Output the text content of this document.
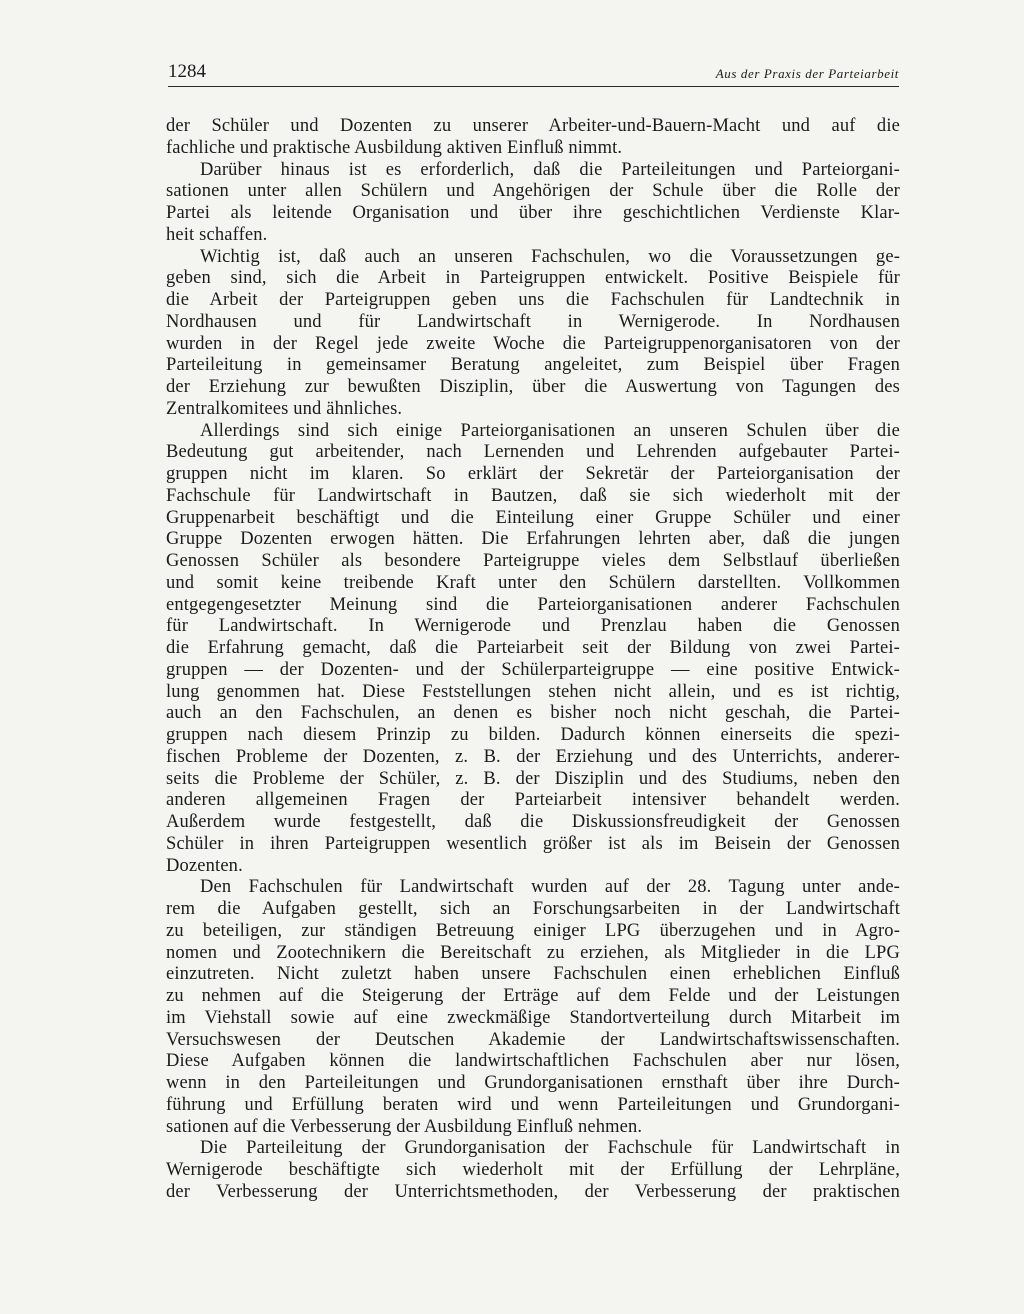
1284	Aus der Praxis der Parteiarbeit
der Schüler und Dozenten zu unserer Arbeiter-und-Bauern-Macht und auf die
fachliche und praktische Ausbildung aktiven Einfluß nimmt.
Darüber hinaus ist es erforderlich, daß die Parteileitungen und Parteiorgani-
sationen unter allen Schülern und Angehörigen der Schule über die Rolle der
Partei als leitende Organisation und über ihre geschichtlichen Verdienste Klar-
heit schaffen.
Wichtig ist, daß auch an unseren Fachschulen, wo die Voraussetzungen ge-
geben sind, sich die Arbeit in Parteigruppen entwickelt. Positive Beispiele für
die Arbeit der Parteigruppen geben uns die Fachschulen für Landtechnik in
Nordhausen und für Landwirtschaft in Wernigerode. In Nordhausen
wurden in der Regel jede zweite Woche die Parteigruppenorganisatoren von der
Parteileitung in gemeinsamer Beratung angeleitet, zum Beispiel über Fragen
der Erziehung zur bewußten Disziplin, über die Auswertung von Tagungen des
Zentralkomitees und ähnliches.
Allerdings sind sich einige Parteiorganisationen an unseren Schulen über die
Bedeutung gut arbeitender, nach Lernenden und Lehrenden aufgebauter Partei-
gruppen nicht im klaren. So erklärt der Sekretär der Parteiorganisation der
Fachschule für Landwirtschaft in Bautzen, daß sie sich wiederholt mit der
Gruppenarbeit beschäftigt und die Einteilung einer Gruppe Schüler und einer
Gruppe Dozenten erwogen hätten. Die Erfahrungen lehrten aber, daß die jungen
Genossen Schüler als besondere Parteigruppe vieles dem Selbstlauf überließen
und somit keine treibende Kraft unter den Schülern darstellten. Vollkommen
entgegengesetzter Meinung sind die Parteiorganisationen anderer Fachschulen
für Landwirtschaft. In Wernigerode und Prenzlau haben die Genossen
die Erfahrung gemacht, daß die Parteiarbeit seit der Bildung von zwei Partei-
gruppen — der Dozenten- und der Schülerparteigruppe — eine positive Entwick-
lung genommen hat. Diese Feststellungen stehen nicht allein, und es ist richtig,
auch an den Fachschulen, an denen es bisher noch nicht geschah, die Partei-
gruppen nach diesem Prinzip zu bilden. Dadurch können einerseits die spezi-
fischen Probleme der Dozenten, z. B. der Erziehung und des Unterrichts, anderer-
seits die Probleme der Schüler, z. B. der Disziplin und des Studiums, neben den
anderen allgemeinen Fragen der Parteiarbeit intensiver behandelt werden.
Außerdem wurde festgestellt, daß die Diskussionsfreudigkeit der Genossen
Schüler in ihren Parteigruppen wesentlich größer ist als im Beisein der Genossen
Dozenten.
Den Fachschulen für Landwirtschaft wurden auf der 28. Tagung unter ande-
rem die Aufgaben gestellt, sich an Forschungsarbeiten in der Landwirtschaft
zu beteiligen, zur ständigen Betreuung einiger LPG überzugehen und in Agro-
nomen und Zootechnikern die Bereitschaft zu erziehen, als Mitglieder in die LPG
einzutreten. Nicht zuletzt haben unsere Fachschulen einen erheblichen Einfluß
zu nehmen auf die Steigerung der Erträge auf dem Felde und der Leistungen
im Viehstall sowie auf eine zweckmäßige Standortverteilung durch Mitarbeit im
Versuchswesen der Deutschen Akademie der Landwirtschaftswissenschaften.
Diese Aufgaben können die landwirtschaftlichen Fachschulen aber nur lösen,
wenn in den Parteileitungen und Grundorganisationen ernsthaft über ihre Durch-
führung und Erfüllung beraten wird und wenn Parteileitungen und Grundorgani-
sationen auf die Verbesserung der Ausbildung Einfluß nehmen.
Die Parteileitung der Grundorganisation der Fachschule für Landwirtschaft in
Wernigerode beschäftigte sich wiederholt mit der Erfüllung der Lehrpläne,
der Verbesserung der Unterrichtsmethoden, der Verbesserung der praktischen
